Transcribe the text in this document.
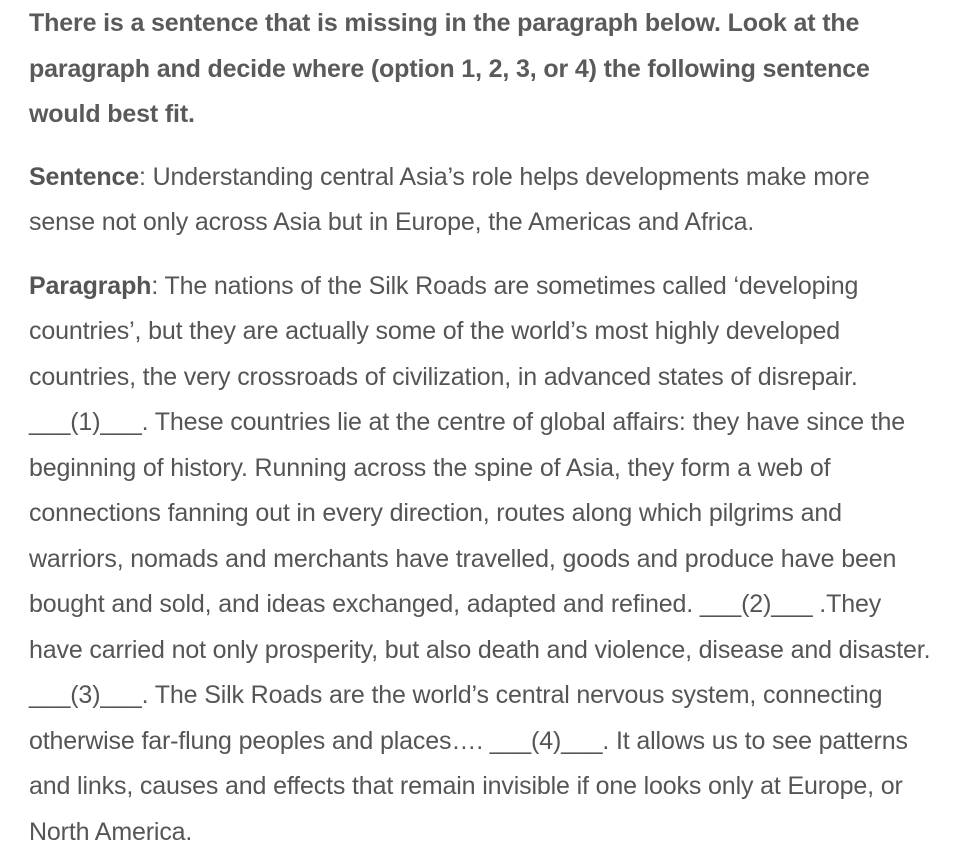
There is a sentence that is missing in the paragraph below. Look at the paragraph and decide where (option 1, 2, 3, or 4) the following sentence would best fit.

Sentence: Understanding central Asia’s role helps developments make more sense not only across Asia but in Europe, the Americas and Africa.

Paragraph: The nations of the Silk Roads are sometimes called ‘developing countries’, but they are actually some of the world’s most highly developed countries, the very crossroads of civilization, in advanced states of disrepair. ___(1)___. These countries lie at the centre of global affairs: they have since the beginning of history. Running across the spine of Asia, they form a web of connections fanning out in every direction, routes along which pilgrims and warriors, nomads and merchants have travelled, goods and produce have been bought and sold, and ideas exchanged, adapted and refined. ___(2)___ .They have carried not only prosperity, but also death and violence, disease and disaster. ___(3)___. The Silk Roads are the world’s central nervous system, connecting otherwise far-flung peoples and places…. ___(4)___. It allows us to see patterns and links, causes and effects that remain invisible if one looks only at Europe, or North America.
